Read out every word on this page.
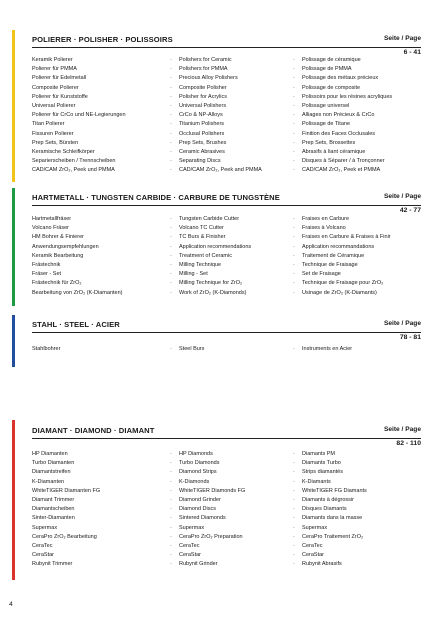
POLIERER · POLISHER · POLISSOIRS	Seite / Page
6 - 41
Keramik Polierer	· Polishers for Ceramic	· Polissage de céramique
Polierer für PMMA	· Polishers for PMMA	· Polissage de PMMA
Polierer für Edelmetall	· Precious Alloy Polishers	· Polissage des métaux précieux
Composite Polierer	· Composite Polisher	· Polissage de composite
Polierer für Kunststoffe	· Polisher for Acrylics	· Polissoirs pour les résines acryliques
Universal Polierer	· Universal Polishers	· Polissage universel
Polierer für CrCo und NE-Legierungen	· CrCo & NP-Alloys	· Alliages non Précieux & CrCo
Titan Polierer	· Titanium Polishers	· Polissage de Titane
Fissuren Polierer	· Occlusal Polishers	· Finition des Faces Occlusales
Prep Sets, Bürsten	· Prep Sets, Brushes	· Prep Sets, Brossettes
Keramische Schleifkörper	· Ceramic Abrasives	· Abrasifs à liant céramique
Separierscheiben / Trennscheiben	· Separating Discs	· Disques à Séparer / à Tronçonner
CAD/CAM ZrO₂, Peek und PMMA	· CAD/CAM ZrO₂, Peek and PMMA	· CAD/CAM ZrO₂, Peek et PMMA
HARTMETALL · TUNGSTEN CARBIDE · CARBURE DE TUNGSTÈNE	Seite / Page
42 - 77
Hartmetallfräser	· Tungsten Carbide Cutter	· Fraises en Carbure
Volcano Fräser	· Volcano TC Cutter	· Fraises à Volcano
HM Bohrer & Finierer	· TC Burs & Finisher	· Fraises en Carbure & Fraises à Finir
Anwendungsempfehlungen	· Application recommendations	· Application recommandations
Keramik Bearbeitung	· Treatment of Ceramic	· Traitement de Céramique
Frästechnik	· Milling Technique	· Technique de Fraisage
Fräser - Set	· Milling - Set	· Set de Fraisage
Frästechnik für ZrO₂	· Milling Technique for ZrO₂	· Technique de Fraisage pour ZrO₂
Bearbeitung von ZrO₂ (K-Diamanten)	· Work of ZrO₂ (K-Diamonds)	· Usinage de ZrO₂ (K-Diamants)
STAHL · STEEL · ACIER	Seite / Page
78 - 81
Stahlbohrer	· Steel Burs	· Instruments en Acier
DIAMANT · DIAMOND · DIAMANT	Seite / Page
82 - 110
HP Diamanten	· HP Diamonds	· Diamants PM
Turbo Diamanten	· Turbo Diamonds	· Diamants Turbo
Diamantstreifen	· Diamond Strips	· Strips diamantés
K-Diamanten	· K-Diamonds	· K-Diamants
WhiteTIGER Diamanten FG	· WhiteTIGER Diamonds FG	· WhiteTIGER FG Diamants
Diamant Trimmer	· Diamond Grinder	· Diamants à dégrossir
Diamantscheiben	· Diamond Discs	· Disques Diamants
Sinter-Diamanten	· Sintered Diamonds	· Diamants dans la masse
Supermax	· Supermax	· Supermax
CeraPro ZrO₂ Bearbeitung	· CeraPro ZrO₂ Preparation	· CeraPro Traitement ZrO₂
CeraTec	· CeraTec	· CeraTec
CeraStar	· CeraStar	· CeraStar
Rubynit Trimmer	· Rubynit Grinder	· Rubynit Abrasifs
4
